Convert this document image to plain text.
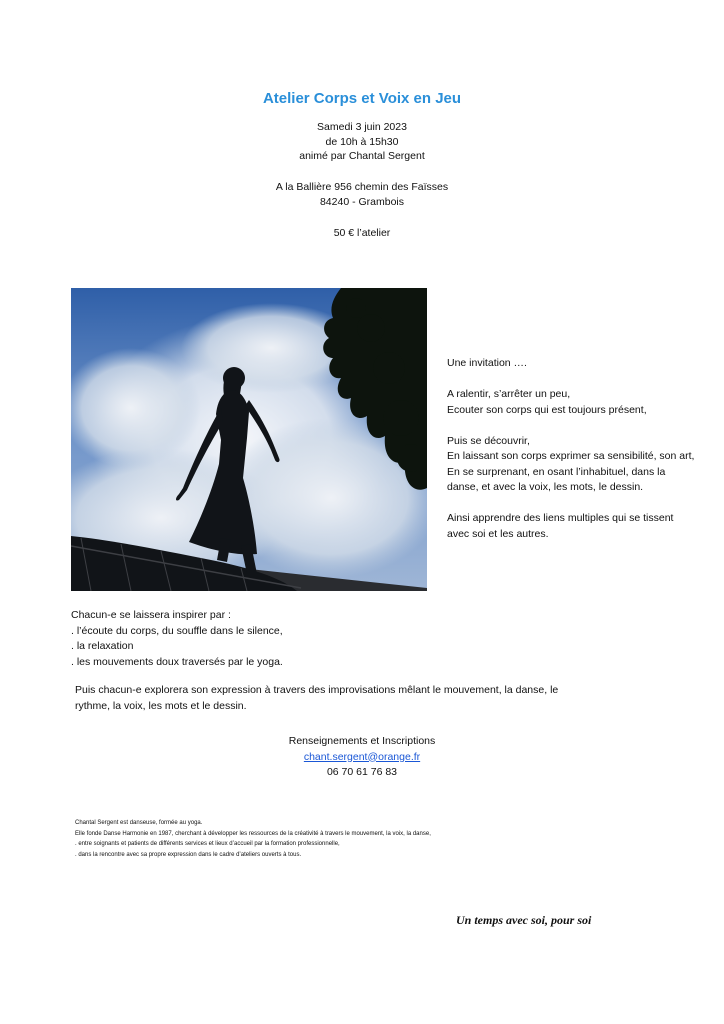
Atelier Corps et Voix en Jeu
Samedi 3 juin 2023
de 10h à 15h30
animé par Chantal Sergent
A la Ballière 956 chemin des Faïsses
84240 - Grambois
50 € l’atelier

Une invitation ….

A ralentir, s’arrêter un peu,
Ecouter son corps qui est toujours présent,

Puis se découvrir,
En laissant son corps exprimer sa sensibilité, son art,
En se surprenant, en osant l’inhabituel, dans la
danse, et avec la voix, les mots, le dessin.

Ainsi apprendre des liens multiples qui se tissent
avec soi et les autres.

Chacun-e se laissera inspirer par :
. l’écoute du corps, du souffle dans le silence,
. la relaxation
. les mouvements doux traversés par le yoga.
Puis chacun-e explorera son expression à travers des improvisations mêlant le mouvement, la danse, le
rythme, la voix, les mots et le dessin.
Renseignements et Inscriptions
chant.sergent@orange.fr
06 70 61 76 83
Chantal Sergent est danseuse, formée au yoga.
Elle fonde Danse Harmonie en 1987, cherchant à développer les ressources de la créativité à travers le mouvement, la voix, la danse,
. entre soignants et patients de différents services et lieux d’accueil par la formation professionnelle,
. dans la rencontre avec sa propre expression dans le cadre d’ateliers ouverts à tous.
Un temps avec soi, pour soi
